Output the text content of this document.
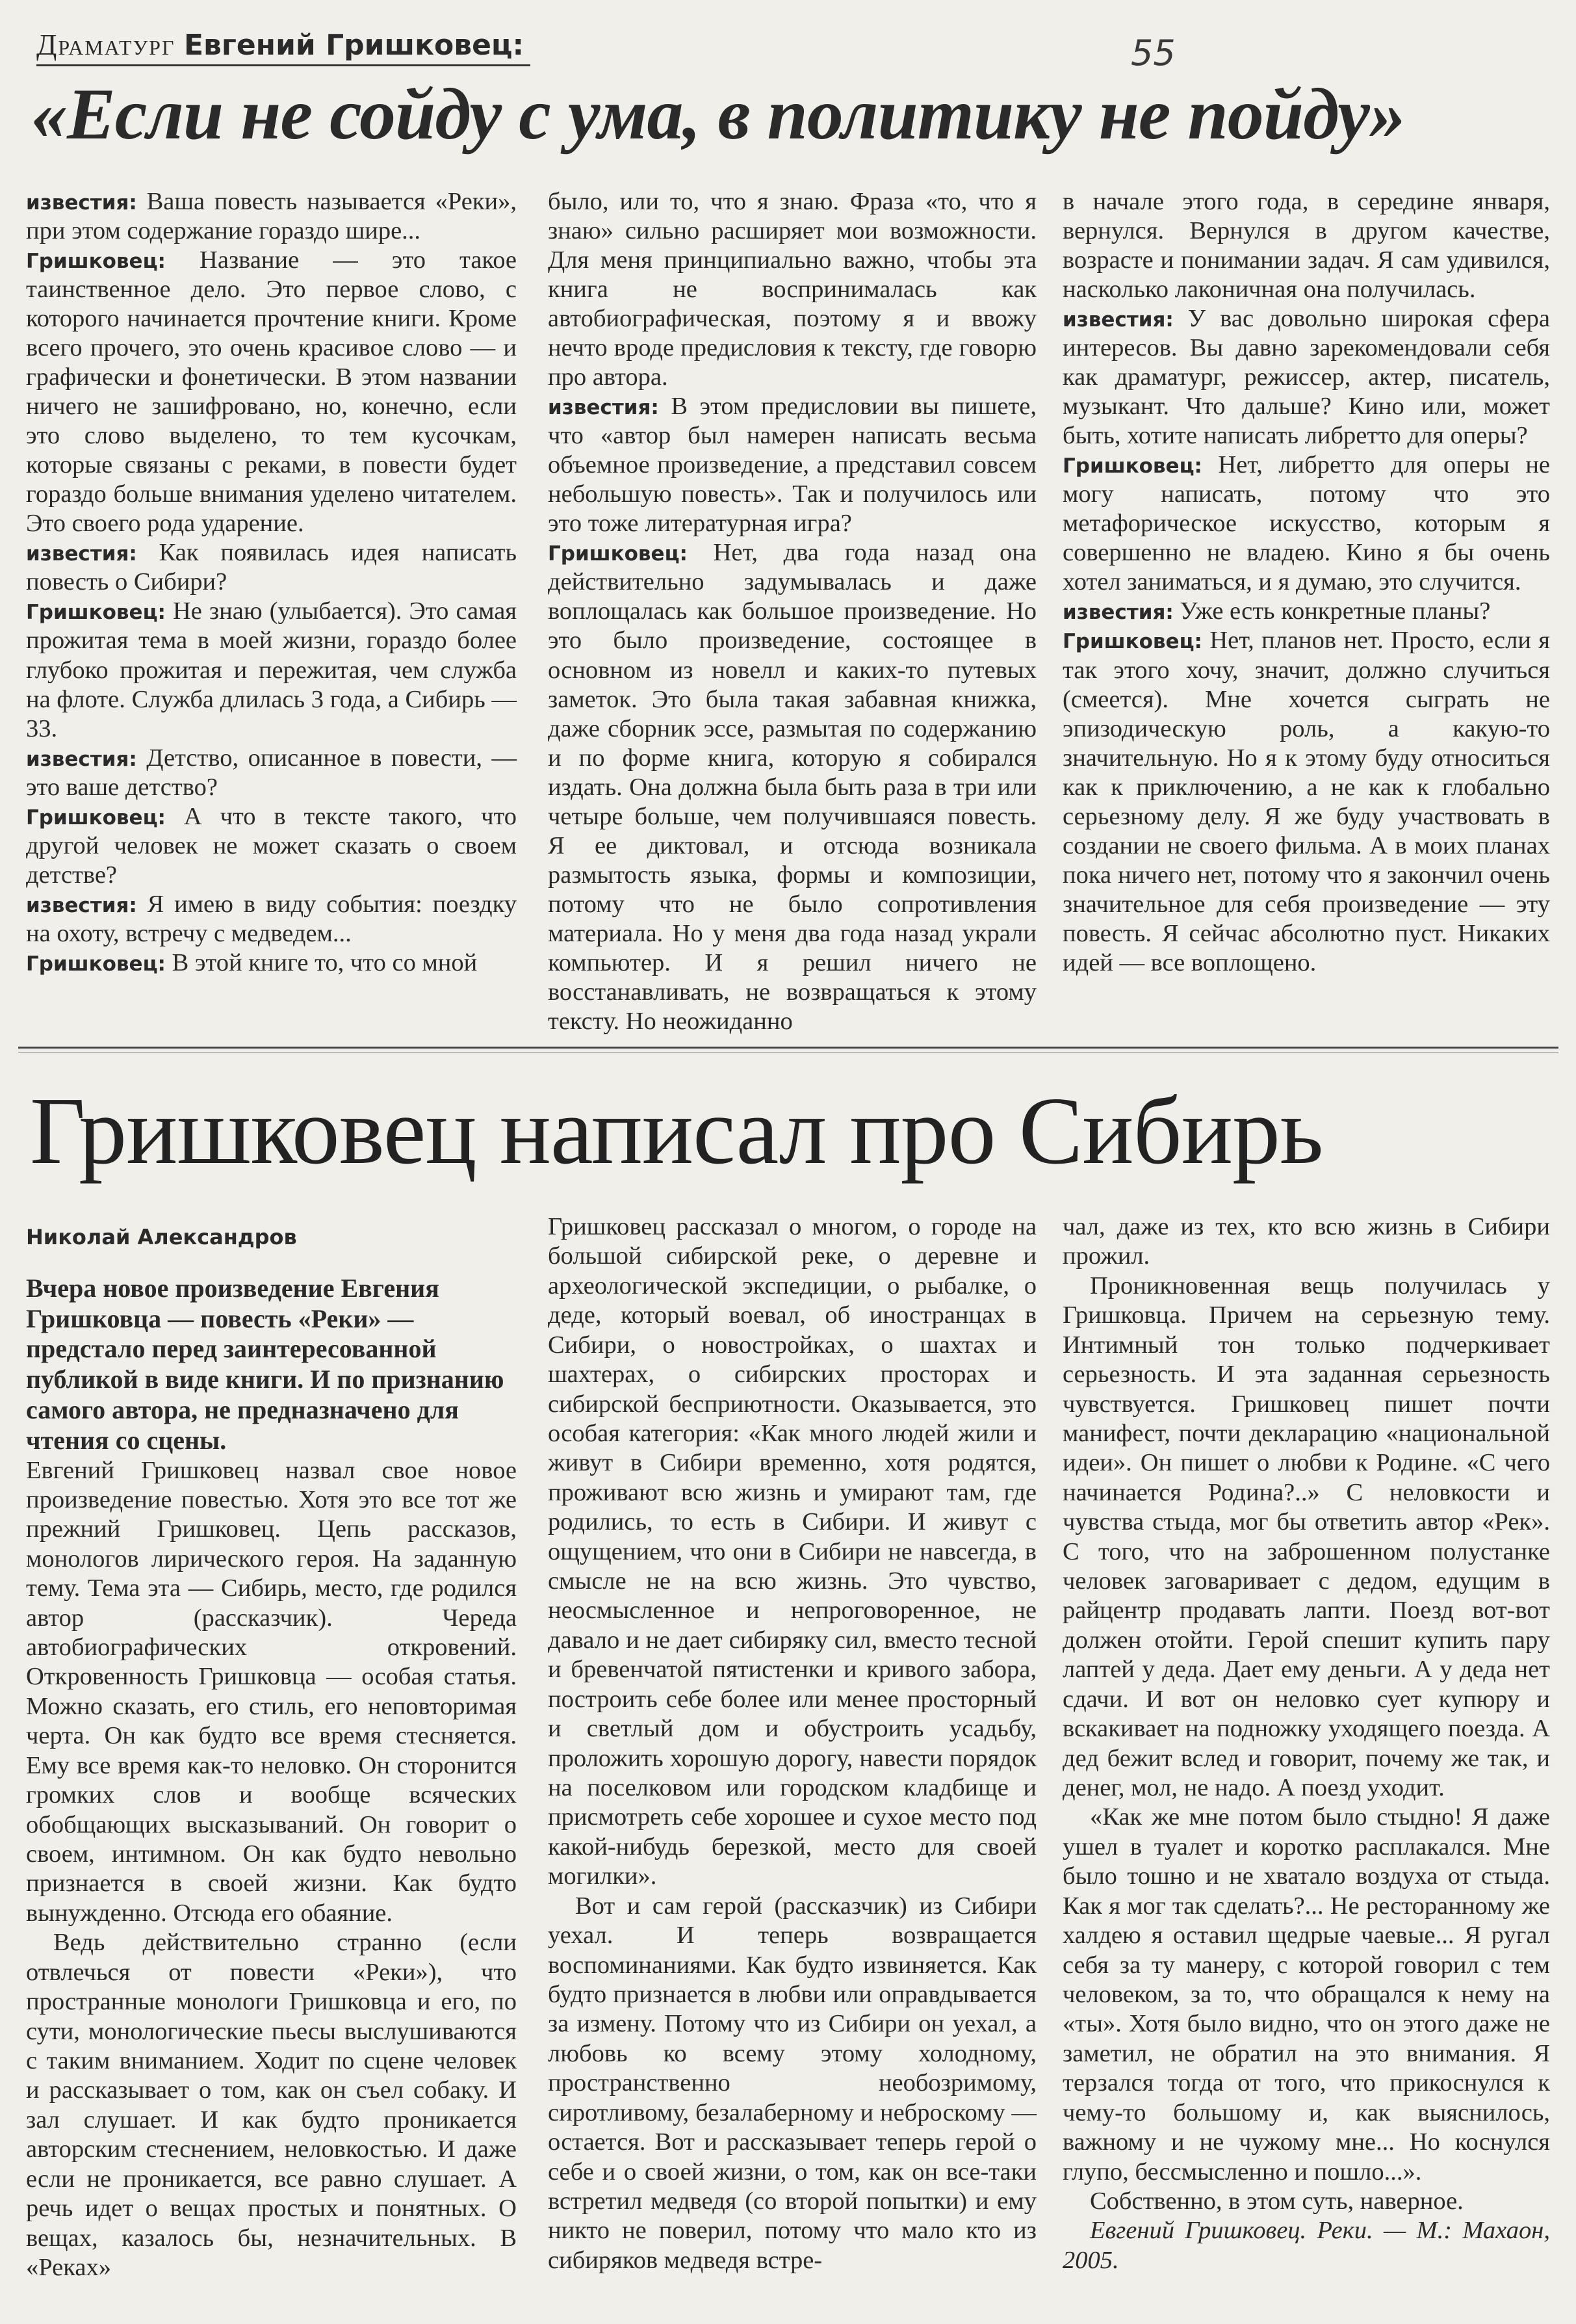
Драматург Евгений Гришковец:	55
«Если не сойду с ума, в политику не пойду»

известия: Ваша повесть называется «Реки», при этом содержание гораздо шире...

Гришковец: Название — это такое таинственное дело. Это первое слово, с которого начинается прочтение книги. Кроме всего прочего, это очень красивое слово — и графически и фонетически. В этом названии ничего не зашифровано, но, конечно, если это слово выделено, то тем кусочкам, которые связаны с реками, в повести будет гораздо больше внимания уделено читателем. Это своего рода ударение.

известия: Как появилась идея написать повесть о Сибири?

Гришковец: Не знаю (улыбается). Это самая прожитая тема в моей жизни, гораздо более глубоко прожитая и пережитая, чем служба на флоте. Служба длилась 3 года, а Сибирь — 33.

известия: Детство, описанное в повести, — это ваше детство?

Гришковец: А что в тексте такого, что другой человек не может сказать о своем детстве?

известия: Я имею в виду события: поездку на охоту, встречу с медведем...

Гришковец: В этой книге то, что со мной

было, или то, что я знаю. Фраза «то, что я знаю» сильно расширяет мои возможности. Для меня принципиально важно, чтобы эта книга не воспринималась как автобиографическая, поэтому я и ввожу нечто вроде предисловия к тексту, где говорю про автора.

известия: В этом предисловии вы пишете, что «автор был намерен написать весьма объемное произведение, а представил совсем небольшую повесть». Так и получилось или это тоже литературная игра?

Гришковец: Нет, два года назад она действительно задумывалась и даже воплощалась как большое произведение. Но это было произведение, состоящее в основном из новелл и каких-то путевых заметок. Это была такая забавная книжка, даже сборник эссе, размытая по содержанию и по форме книга, которую я собирался издать. Она должна была быть раза в три или четыре больше, чем получившаяся повесть. Я ее диктовал, и отсюда возникала размытость языка, формы и композиции, потому что не было сопротивления материала. Но у меня два года назад украли компьютер. И я решил ничего не восстанавливать, не возвращаться к этому тексту. Но неожиданно

в начале этого года, в середине января, вернулся. Вернулся в другом качестве, возрасте и понимании задач. Я сам удивился, насколько лаконичная она получилась.

известия: У вас довольно широкая сфера интересов. Вы давно зарекомендовали себя как драматург, режиссер, актер, писатель, музыкант. Что дальше? Кино или, может быть, хотите написать либретто для оперы?

Гришковец: Нет, либретто для оперы не могу написать, потому что это метафорическое искусство, которым я совершенно не владею. Кино я бы очень хотел заниматься, и я думаю, это случится.

известия: Уже есть конкретные планы?

Гришковец: Нет, планов нет. Просто, если я так этого хочу, значит, должно случиться (смеется). Мне хочется сыграть не эпизодическую роль, а какую-то значительную. Но я к этому буду относиться как к приключению, а не как к глобально серьезному делу. Я же буду участвовать в создании не своего фильма. А в моих планах пока ничего нет, потому что я закончил очень значительное для себя произведение — эту повесть. Я сейчас абсолютно пуст. Никаких идей — все воплощено.

Гришковец написал про Сибирь
Николай Александров

Вчера новое произведение Евгения Гришковца — повесть «Реки» — предстало перед заинтересованной публикой в виде книги. И по признанию самого автора, не предназначено для чтения со сцены.

Евгений Гришковец назвал свое новое произведение повестью. Хотя это все тот же прежний Гришковец. Цепь рассказов, монологов лирического героя. На заданную тему. Тема эта — Сибирь, место, где родился автор (рассказчик). Череда автобиографических откровений. Откровенность Гришковца — особая статья. Можно сказать, его стиль, его неповторимая черта. Он как будто все время стесняется. Ему все время как-то неловко. Он сторонится громких слов и вообще всяческих обобщающих высказываний. Он говорит о своем, интимном. Он как будто невольно признается в своей жизни. Как будто вынужденно. Отсюда его обаяние.

Ведь действительно странно (если отвлечься от повести «Реки»), что пространные монологи Гришковца и его, по сути, монологические пьесы выслушиваются с таким вниманием. Ходит по сцене человек и рассказывает о том, как он съел собаку. И зал слушает. И как будто проникается авторским стеснением, неловкостью. И даже если не проникается, все равно слушает. А речь идет о вещах простых и понятных. О вещах, казалось бы, незначительных. В «Реках»

Гришковец рассказал о многом, о городе на большой сибирской реке, о деревне и археологической экспедиции, о рыбалке, о деде, который воевал, об иностранцах в Сибири, о новостройках, о шахтах и шахтерах, о сибирских просторах и сибирской бесприютности. Оказывается, это особая категория: «Как много людей жили и живут в Сибири временно, хотя родятся, проживают всю жизнь и умирают там, где родились, то есть в Сибири. И живут с ощущением, что они в Сибири не навсегда, в смысле не на всю жизнь. Это чувство, неосмысленное и непроговоренное, не давало и не дает сибиряку сил, вместо тесной и бревенчатой пятистенки и кривого забора, построить себе более или менее просторный и светлый дом и обустроить усадьбу, проложить хорошую дорогу, навести порядок на поселковом или городском кладбище и присмотреть себе хорошее и сухое место под какой-нибудь березкой, место для своей могилки».

Вот и сам герой (рассказчик) из Сибири уехал. И теперь возвращается воспоминаниями. Как будто извиняется. Как будто признается в любви или оправдывается за измену. Потому что из Сибири он уехал, а любовь ко всему этому холодному, пространственно необозримому, сиротливому, безалаберному и неброскому — остается. Вот и рассказывает теперь герой о себе и о своей жизни, о том, как он все-таки встретил медведя (со второй попытки) и ему никто не поверил, потому что мало кто из сибиряков медведя встре-

чал, даже из тех, кто всю жизнь в Сибири прожил.

Проникновенная вещь получилась у Гришковца. Причем на серьезную тему. Интимный тон только подчеркивает серьезность. И эта заданная серьезность чувствуется. Гришковец пишет почти манифест, почти декларацию «национальной идеи». Он пишет о любви к Родине. «С чего начинается Родина?..» С неловкости и чувства стыда, мог бы ответить автор «Рек». С того, что на заброшенном полустанке человек заговаривает с дедом, едущим в райцентр продавать лапти. Поезд вот-вот должен отойти. Герой спешит купить пару лаптей у деда. Дает ему деньги. А у деда нет сдачи. И вот он неловко сует купюру и вскакивает на подножку уходящего поезда. А дед бежит вслед и говорит, почему же так, и денег, мол, не надо. А поезд уходит.

«Как же мне потом было стыдно! Я даже ушел в туалет и коротко расплакался. Мне было тошно и не хватало воздуха от стыда. Как я мог так сделать?... Не ресторанному же халдею я оставил щедрые чаевые... Я ругал себя за ту манеру, с которой говорил с тем человеком, за то, что обращался к нему на «ты». Хотя было видно, что он этого даже не заметил, не обратил на это внимания. Я терзался тогда от того, что прикоснулся к чему-то большому и, как выяснилось, важному и не чужому мне... Но коснулся глупо, бессмысленно и пошло...».

Собственно, в этом суть, наверное.

Евгений Гришковец. Реки. — М.: Махаон, 2005.
